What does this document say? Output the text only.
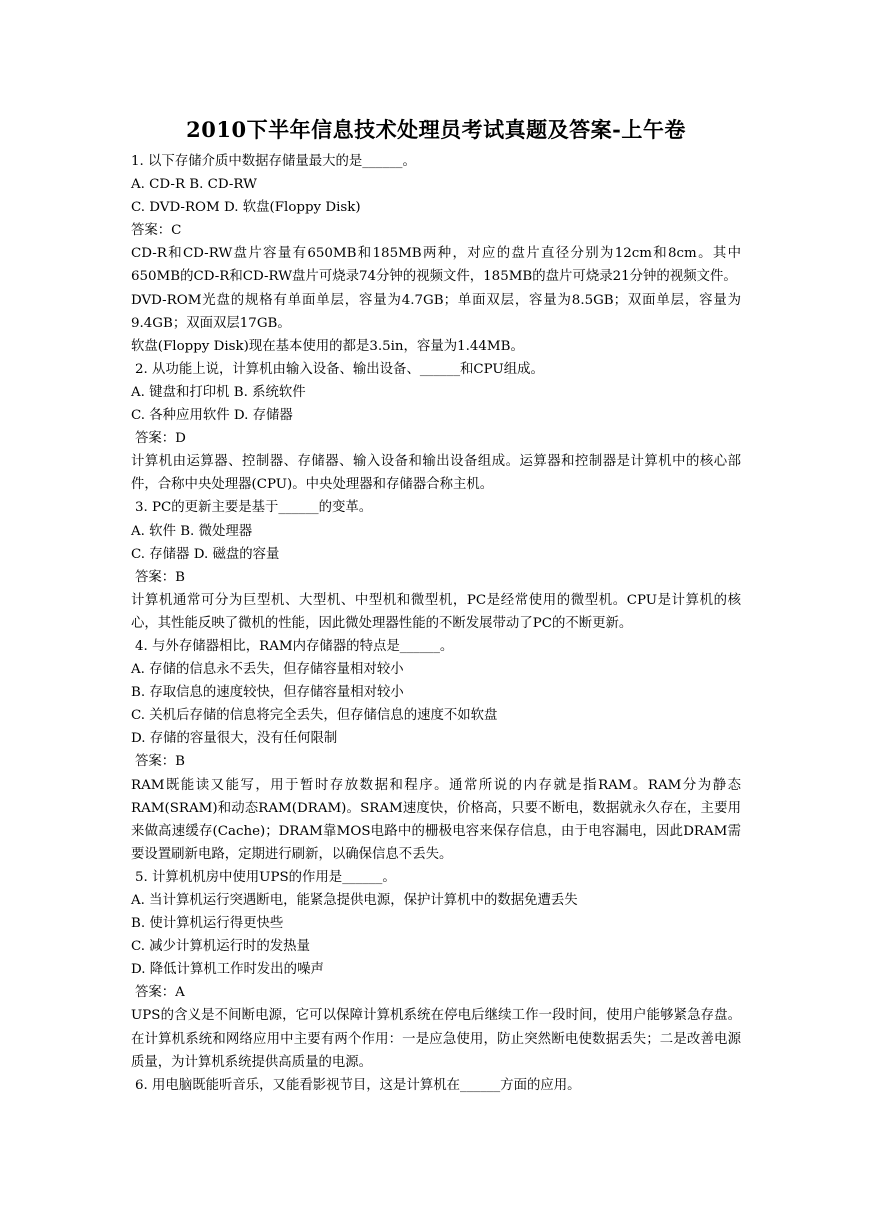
2010下半年信息技术处理员考试真题及答案-上午卷

1. 以下存储介质中数据存储量最大的是______。

A. CD-R B. CD-RW

C. DVD-ROM D. 软盘(Floppy Disk)

答案：C

CD-R和CD-RW盘片容量有650MB和185MB两种，对应的盘片直径分别为12cm和8cm。其中650MB的CD-R和CD-RW盘片可烧录74分钟的视频文件，185MB的盘片可烧录21分钟的视频文件。

DVD-ROM光盘的规格有单面单层，容量为4.7GB；单面双层，容量为8.5GB；双面单层，容量为9.4GB；双面双层17GB。

软盘(Floppy Disk)现在基本使用的都是3.5in，容量为1.44MB。

2. 从功能上说，计算机由输入设备、输出设备、______和CPU组成。

A. 键盘和打印机 B. 系统软件

C. 各种应用软件 D. 存储器

答案：D

计算机由运算器、控制器、存储器、输入设备和输出设备组成。运算器和控制器是计算机中的核心部件，合称中央处理器(CPU)。中央处理器和存储器合称主机。

3. PC的更新主要是基于______的变革。

A. 软件 B. 微处理器

C. 存储器 D. 磁盘的容量

答案：B

计算机通常可分为巨型机、大型机、中型机和微型机，PC是经常使用的微型机。CPU是计算机的核心，其性能反映了微机的性能，因此微处理器性能的不断发展带动了PC的不断更新。

4. 与外存储器相比，RAM内存储器的特点是______。

A. 存储的信息永不丢失，但存储容量相对较小

B. 存取信息的速度较快，但存储容量相对较小

C. 关机后存储的信息将完全丢失，但存储信息的速度不如软盘

D. 存储的容量很大，没有任何限制

答案：B

RAM既能读又能写，用于暂时存放数据和程序。通常所说的内存就是指RAM。RAM分为静态RAM(SRAM)和动态RAM(DRAM)。SRAM速度快，价格高，只要不断电，数据就永久存在，主要用来做高速缓存(Cache)；DRAM靠MOS电路中的栅极电容来保存信息，由于电容漏电，因此DRAM需要设置刷新电路，定期进行刷新，以确保信息不丢失。

5. 计算机机房中使用UPS的作用是______。

A. 当计算机运行突遇断电，能紧急提供电源，保护计算机中的数据免遭丢失

B. 使计算机运行得更快些

C. 减少计算机运行时的发热量

D. 降低计算机工作时发出的噪声

答案：A

UPS的含义是不间断电源，它可以保障计算机系统在停电后继续工作一段时间，使用户能够紧急存盘。在计算机系统和网络应用中主要有两个作用：一是应急使用，防止突然断电使数据丢失；二是改善电源质量，为计算机系统提供高质量的电源。

6. 用电脑既能听音乐，又能看影视节目，这是计算机在______方面的应用。
